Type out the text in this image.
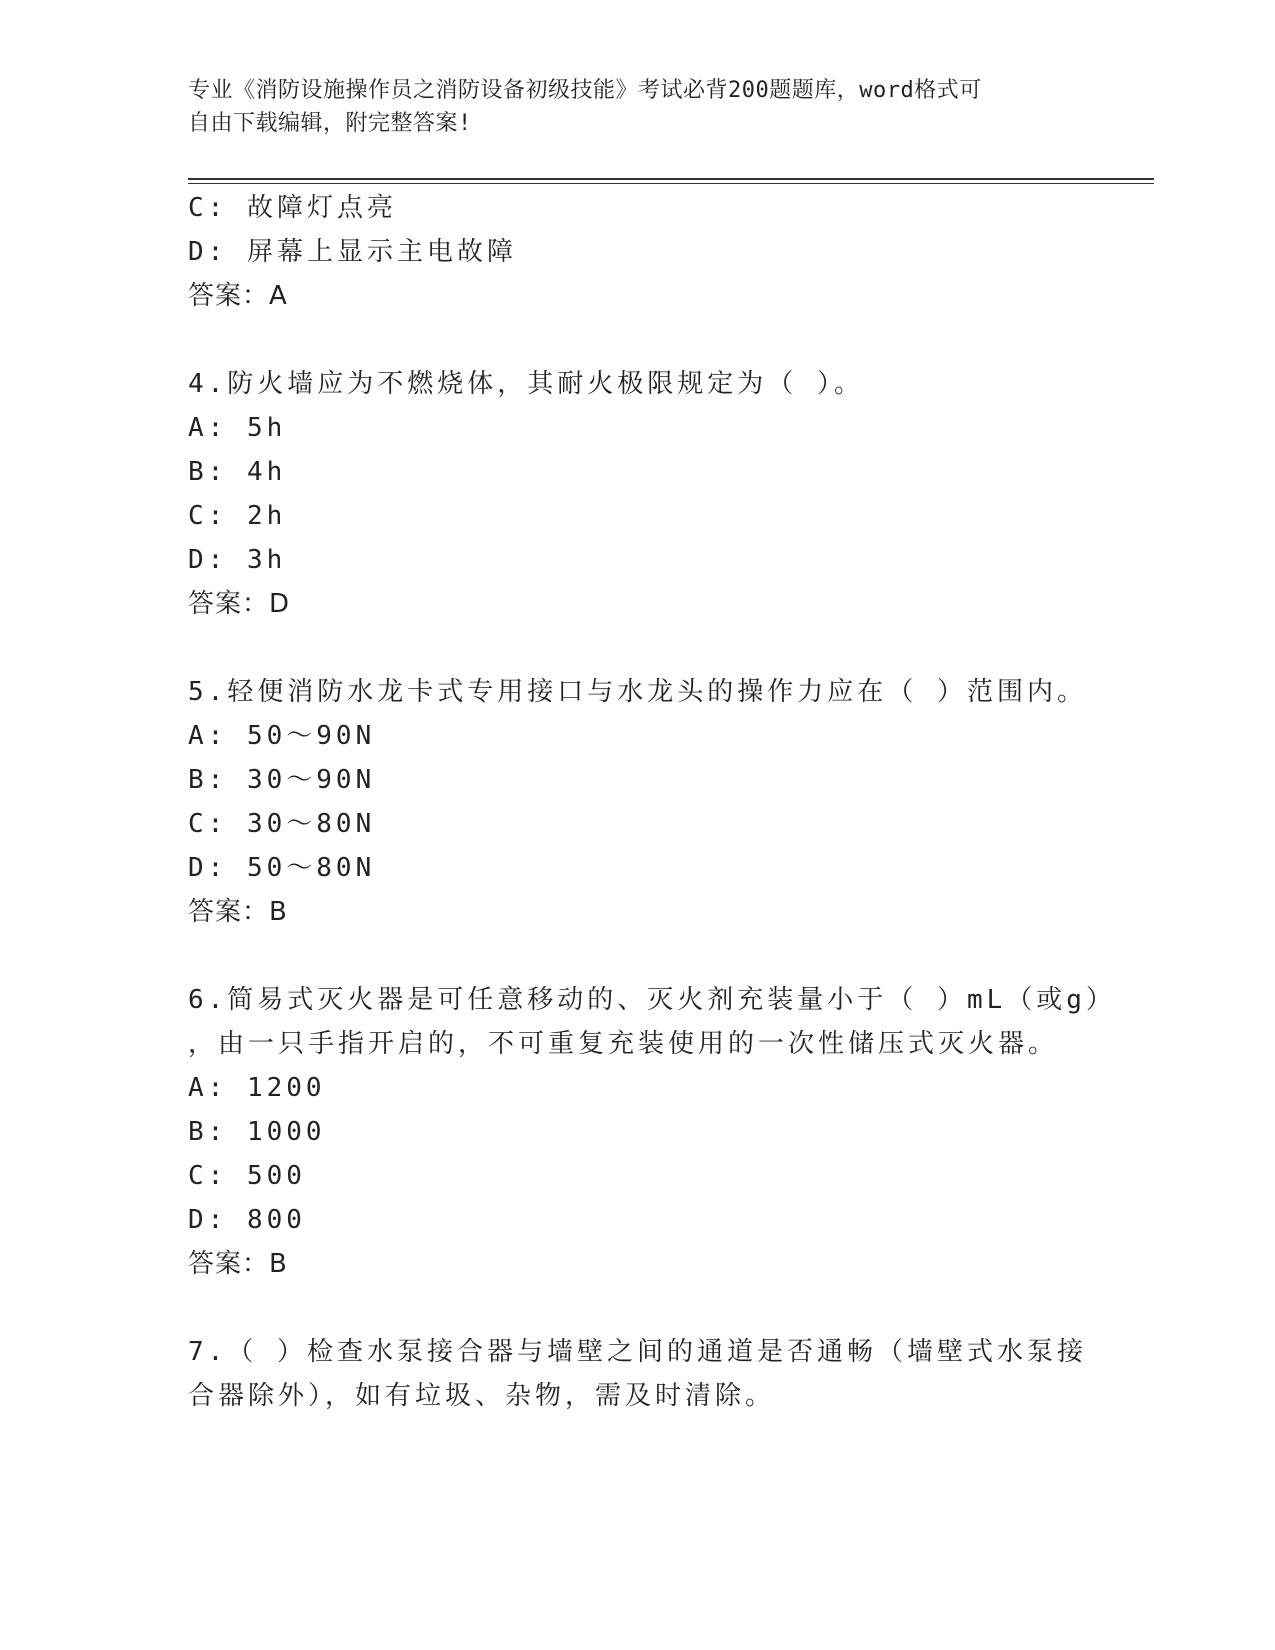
专业《消防设施操作员之消防设备初级技能》考试必背200题题库，word格式可
自由下载编辑，附完整答案!
C: 故障灯点亮
D: 屏幕上显示主电故障
答案：A
4.防火墙应为不燃烧体，其耐火极限规定为（ ）。
A: 5h
B: 4h
C: 2h
D: 3h
答案：D
5.轻便消防水龙卡式专用接口与水龙头的操作力应在（ ）范围内。
A: 50～90N
B: 30～90N
C: 30～80N
D: 50～80N
答案：B
6.简易式灭火器是可任意移动的、灭火剂充装量小于（ ）mL（或g）
，由一只手指开启的，不可重复充装使用的一次性储压式灭火器。
A: 1200
B: 1000
C: 500
D: 800
答案：B
7.（ ）检查水泵接合器与墙壁之间的通道是否通畅（墙壁式水泵接
合器除外），如有垃圾、杂物，需及时清除。
